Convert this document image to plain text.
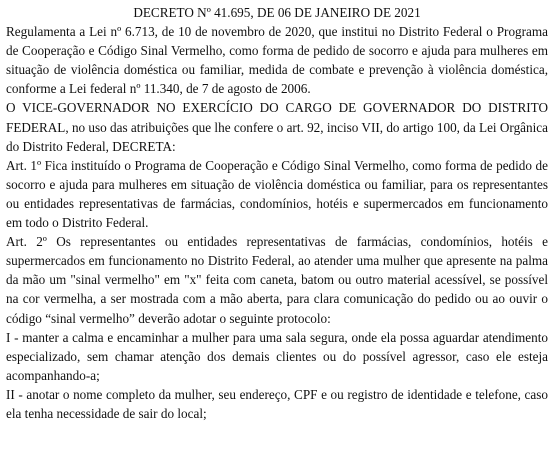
DECRETO Nº 41.695, DE 06 DE JANEIRO DE 2021

Regulamenta a Lei nº 6.713, de 10 de novembro de 2020, que institui no Distrito Federal o Programa de Cooperação e Código Sinal Vermelho, como forma de pedido de socorro e ajuda para mulheres em situação de violência doméstica ou familiar, medida de combate e prevenção à violência doméstica, conforme a Lei federal nº 11.340, de 7 de agosto de 2006.

O VICE-GOVERNADOR NO EXERCÍCIO DO CARGO DE GOVERNADOR DO DISTRITO FEDERAL, no uso das atribuições que lhe confere o art. 92, inciso VII, do artigo 100, da Lei Orgânica do Distrito Federal, DECRETA:

Art. 1º Fica instituído o Programa de Cooperação e Código Sinal Vermelho, como forma de pedido de socorro e ajuda para mulheres em situação de violência doméstica ou familiar, para os representantes ou entidades representativas de farmácias, condomínios, hotéis e supermercados em funcionamento em todo o Distrito Federal.

Art. 2º Os representantes ou entidades representativas de farmácias, condomínios, hotéis e supermercados em funcionamento no Distrito Federal, ao atender uma mulher que apresente na palma da mão um "sinal vermelho" em "x" feita com caneta, batom ou outro material acessível, se possível na cor vermelha, a ser mostrada com a mão aberta, para clara comunicação do pedido ou ao ouvir o código “sinal vermelho” deverão adotar o seguinte protocolo:

I - manter a calma e encaminhar a mulher para uma sala segura, onde ela possa aguardar atendimento especializado, sem chamar atenção dos demais clientes ou do possível agressor, caso ele esteja acompanhando-a;

II - anotar o nome completo da mulher, seu endereço, CPF e ou registro de identidade e telefone, caso ela tenha necessidade de sair do local;
